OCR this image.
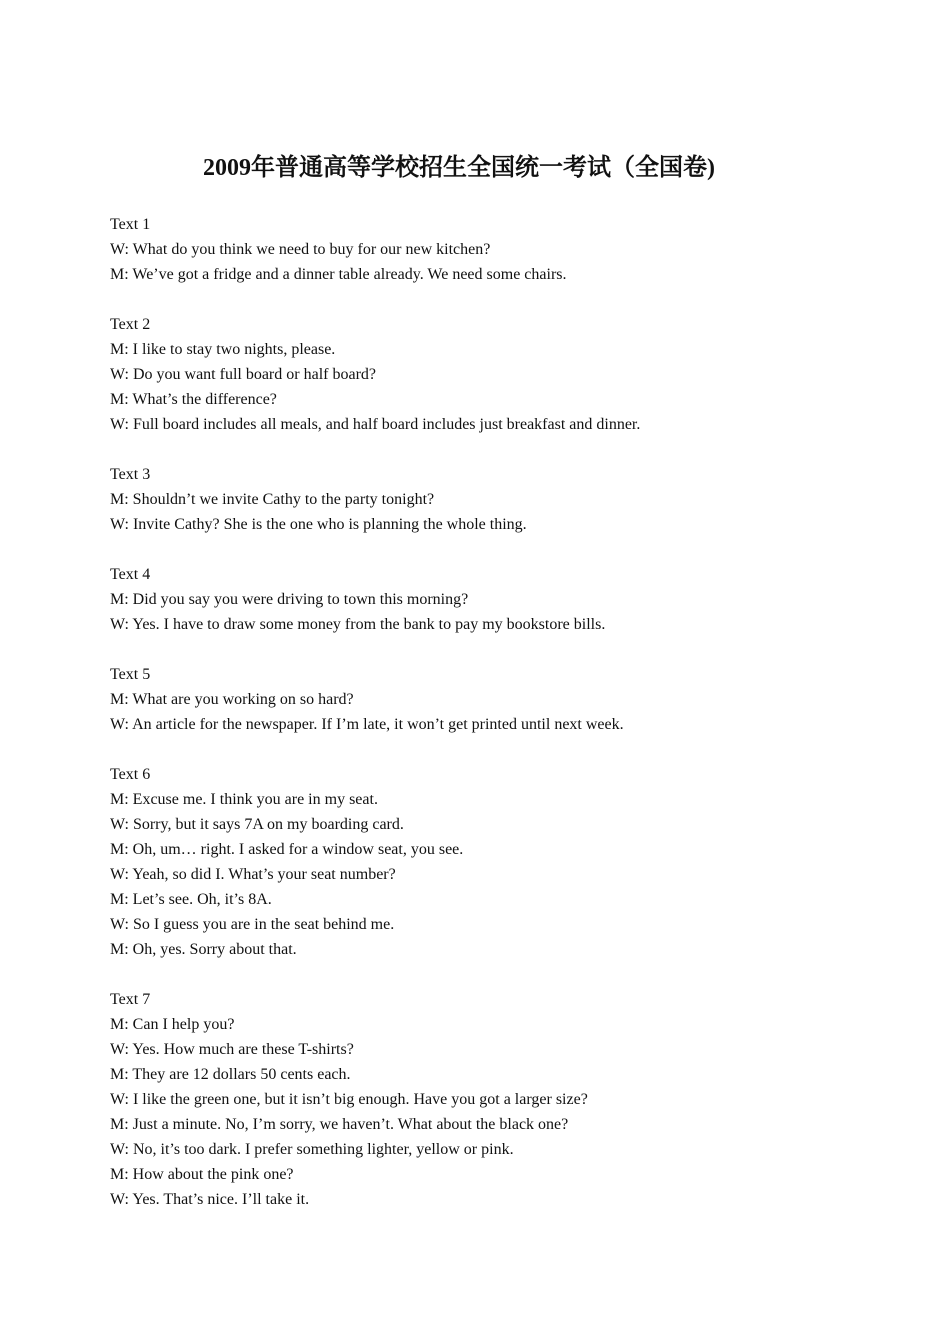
2009年普通高等学校招生全国统一考试（全国卷)
Text 1
W: What do you think we need to buy for our new kitchen?
M: We’ve got a fridge and a dinner table already. We need some chairs.
Text 2
M: I like to stay two nights, please.
W: Do you want full board or half board?
M: What’s the difference?
W: Full board includes all meals, and half board includes just breakfast and dinner.
Text 3
M: Shouldn’t we invite Cathy to the party tonight?
W: Invite Cathy? She is the one who is planning the whole thing.
Text 4
M: Did you say you were driving to town this morning?
W: Yes. I have to draw some money from the bank to pay my bookstore bills.
Text 5
M: What are you working on so hard?
W: An article for the newspaper. If I’m late, it won’t get printed until next week.
Text 6
M: Excuse me. I think you are in my seat.
W: Sorry, but it says 7A on my boarding card.
M: Oh, um… right. I asked for a window seat, you see.
W: Yeah, so did I. What’s your seat number?
M: Let’s see. Oh, it’s 8A.
W: So I guess you are in the seat behind me.
M: Oh, yes. Sorry about that.
Text 7
M: Can I help you?
W: Yes. How much are these T-shirts?
M: They are 12 dollars 50 cents each.
W: I like the green one, but it isn’t big enough. Have you got a larger size?
M: Just a minute. No, I’m sorry, we haven’t. What about the black one?
W: No, it’s too dark. I prefer something lighter, yellow or pink.
M: How about the pink one?
W: Yes. That’s nice. I’ll take it.
